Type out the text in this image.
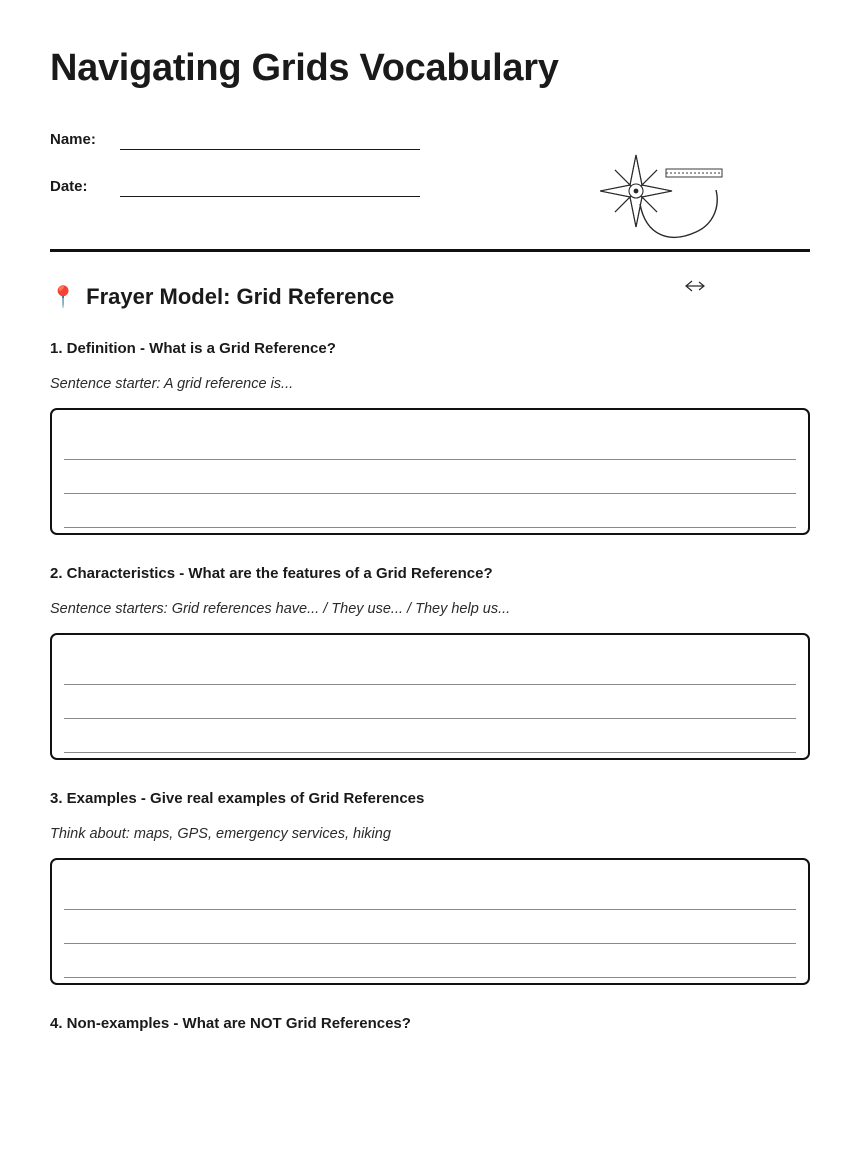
Navigating Grids Vocabulary
Name:
Date:
📍 Frayer Model: Grid Reference
1. Definition - What is a Grid Reference?
Sentence starter: A grid reference is...
2. Characteristics - What are the features of a Grid Reference?
Sentence starters: Grid references have... / They use... / They help us...
3. Examples - Give real examples of Grid References
Think about: maps, GPS, emergency services, hiking
4. Non-examples - What are NOT Grid References?
